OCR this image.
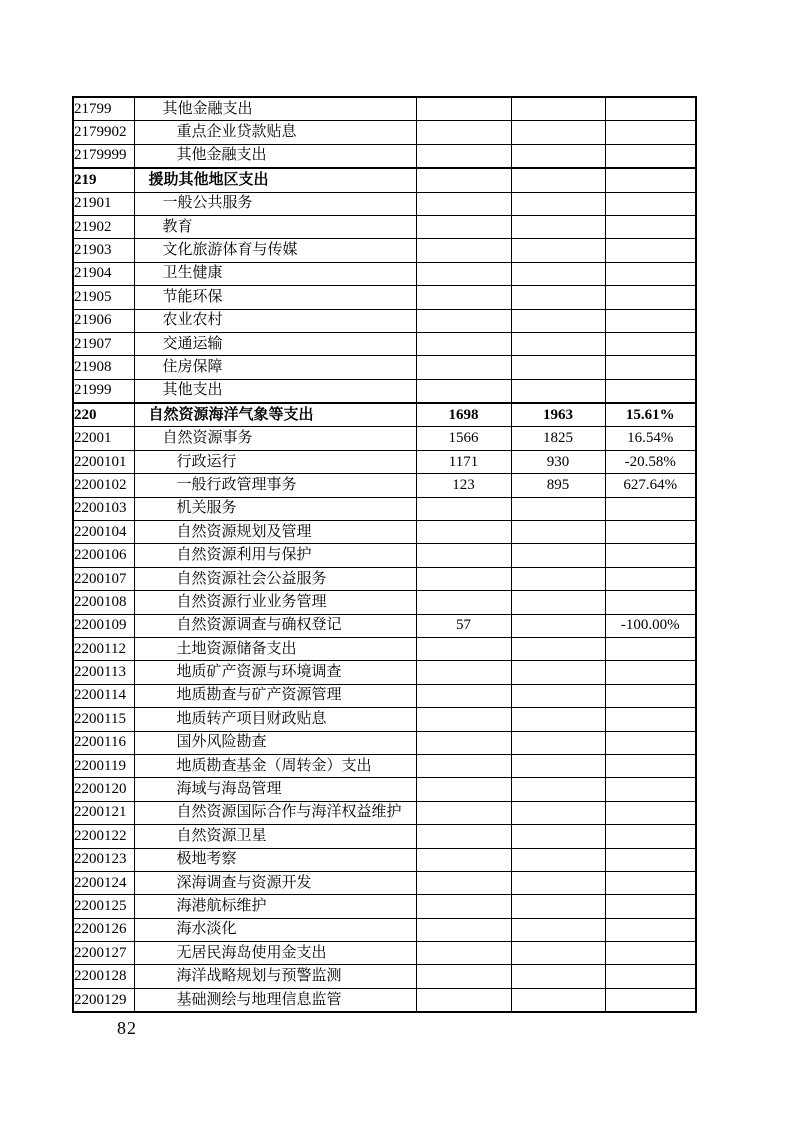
21799	其他金融支出			
2179902	重点企业贷款贴息			
2179999	其他金融支出			
219	援助其他地区支出			
21901	一般公共服务			
21902	教育			
21903	文化旅游体育与传媒			
21904	卫生健康			
21905	节能环保			
21906	农业农村			
21907	交通运输			
21908	住房保障			
21999	其他支出			
220	自然资源海洋气象等支出	1698	1963	15.61%
22001	自然资源事务	1566	1825	16.54%
2200101	行政运行	1171	930	-20.58%
2200102	一般行政管理事务	123	895	627.64%
2200103	机关服务			
2200104	自然资源规划及管理			
2200106	自然资源利用与保护			
2200107	自然资源社会公益服务			
2200108	自然资源行业业务管理			
2200109	自然资源调查与确权登记	57		-100.00%
2200112	土地资源储备支出			
2200113	地质矿产资源与环境调查			
2200114	地质勘查与矿产资源管理			
2200115	地质转产项目财政贴息			
2200116	国外风险勘查			
2200119	地质勘查基金（周转金）支出			
2200120	海域与海岛管理			
2200121	自然资源国际合作与海洋权益维护			
2200122	自然资源卫星			
2200123	极地考察			
2200124	深海调查与资源开发			
2200125	海港航标维护			
2200126	海水淡化			
2200127	无居民海岛使用金支出			
2200128	海洋战略规划与预警监测			
2200129	基础测绘与地理信息监管			
82
